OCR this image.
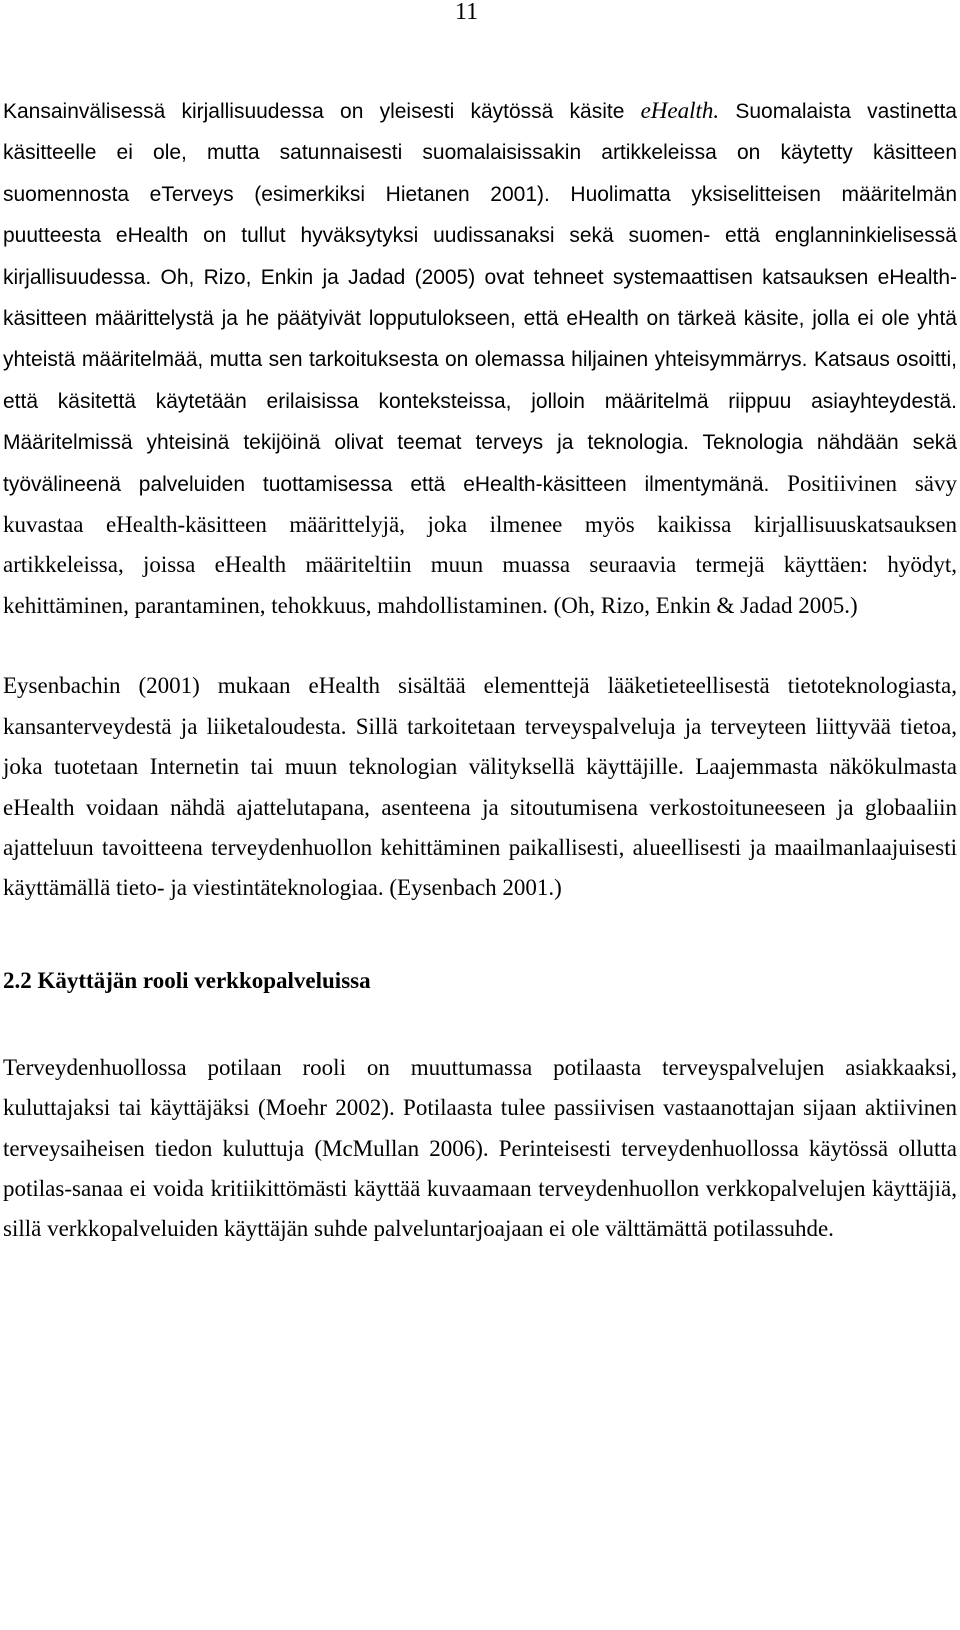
11

Kansainvälisessä kirjallisuudessa on yleisesti käytössä käsite eHealth. Suomalaista vastinetta käsitteelle ei ole, mutta satunnaisesti suomalaisissakin artikkeleissa on käytetty käsitteen suomennosta eTerveys (esimerkiksi Hietanen 2001). Huolimatta yksiselitteisen määritelmän puutteesta eHealth on tullut hyväksytyksi uudissanaksi sekä suomen- että englanninkielisessä kirjallisuudessa. Oh, Rizo, Enkin ja Jadad (2005) ovat tehneet systemaattisen katsauksen eHealth-käsitteen määrittelystä ja he päätyivät lopputulokseen, että eHealth on tärkeä käsite, jolla ei ole yhtä yhteistä määritelmää, mutta sen tarkoituksesta on olemassa hiljainen yhteisymmärrys. Katsaus osoitti, että käsitettä käytetään erilaisissa konteksteissa, jolloin määritelmä riippuu asiayhteydestä. Määritelmissä yhteisinä tekijöinä olivat teemat terveys ja teknologia. Teknologia nähdään sekä työvälineenä palveluiden tuottamisessa että eHealth-käsitteen ilmentymänä. Positiivinen sävy kuvastaa eHealth-käsitteen määrittelyjä, joka ilmenee myös kaikissa kirjallisuuskatsauksen artikkeleissa, joissa eHealth määriteltiin muun muassa seuraavia termejä käyttäen: hyödyt, kehittäminen, parantaminen, tehokkuus, mahdollistaminen. (Oh, Rizo, Enkin & Jadad 2005.)

Eysenbachin (2001) mukaan eHealth sisältää elementtejä lääketieteellisestä tietoteknologiasta, kansanterveydestä ja liiketaloudesta. Sillä tarkoitetaan terveyspalveluja ja terveyteen liittyvää tietoa, joka tuotetaan Internetin tai muun teknologian välityksellä käyttäjille. Laajemmasta näkökulmasta eHealth voidaan nähdä ajattelutapana, asenteena ja sitoutumisena verkostoituneeseen ja globaaliin ajatteluun tavoitteena terveydenhuollon kehittäminen paikallisesti, alueellisesti ja maailmanlaajuisesti käyttämällä tieto- ja viestintäteknologiaa. (Eysenbach 2001.)

2.2 Käyttäjän rooli verkkopalveluissa

Terveydenhuollossa potilaan rooli on muuttumassa potilaasta terveyspalvelujen asiakkaaksi, kuluttajaksi tai käyttäjäksi (Moehr 2002). Potilaasta tulee passiivisen vastaanottajan sijaan aktiivinen terveysaiheisen tiedon kuluttuja (McMullan 2006). Perinteisesti terveydenhuollossa käytössä ollutta potilas-sanaa ei voida kritiikittömästi käyttää kuvaamaan terveydenhuollon verkkopalvelujen käyttäjiä, sillä verkkopalveluiden käyttäjän suhde palveluntarjoajaan ei ole välttämättä potilassuhde.
